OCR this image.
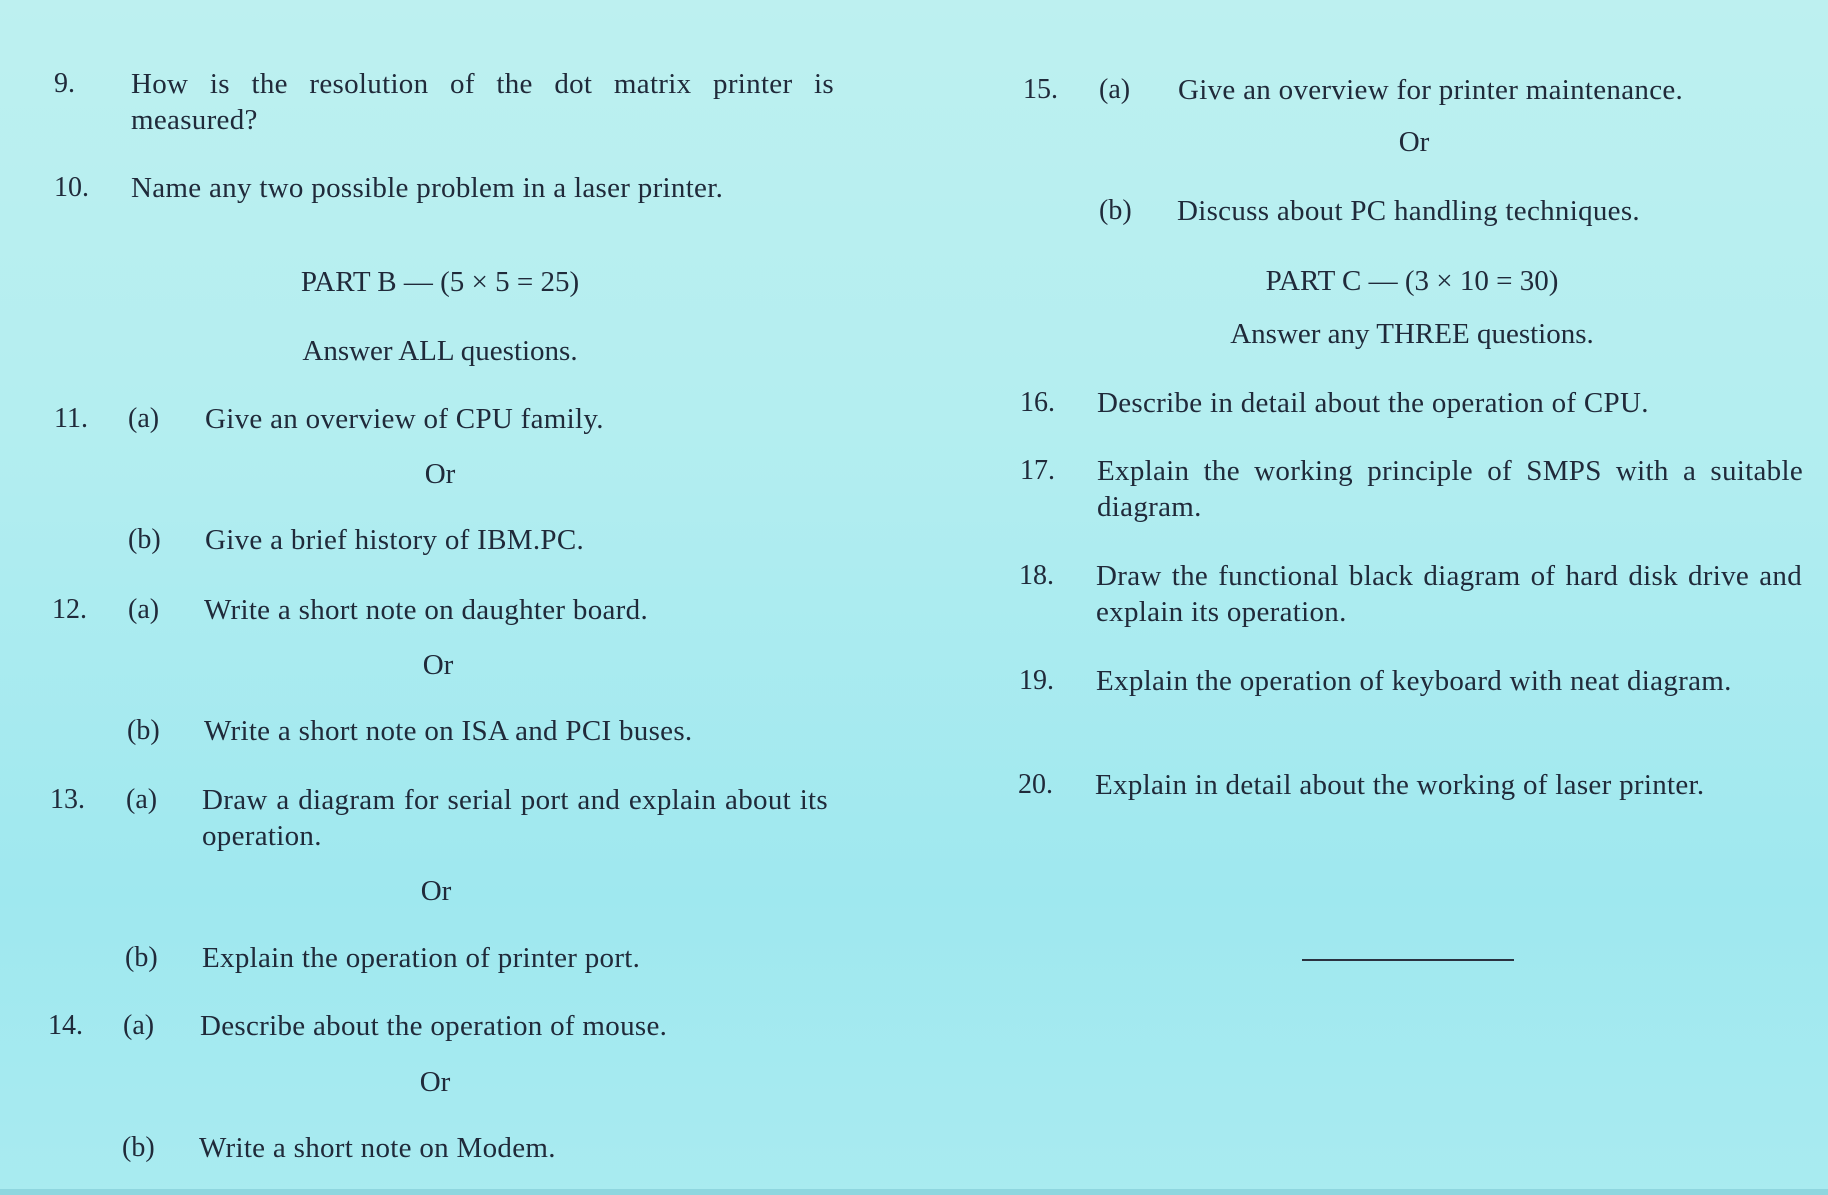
9. How is the resolution of the dot matrix printer is measured?
10. Name any two possible problem in a laser printer.
PART B — (5 × 5 = 25)
Answer ALL questions.
11. (a) Give an overview of CPU family.
Or
(b) Give a brief history of IBM.PC.
12. (a) Write a short note on daughter board.
Or
(b) Write a short note on ISA and PCI buses.
13. (a) Draw a diagram for serial port and explain about its operation.
Or
(b) Explain the operation of printer port.
14. (a) Describe about the operation of mouse.
Or
(b) Write a short note on Modem.
15. (a) Give an overview for printer maintenance.
Or
(b) Discuss about PC handling techniques.
PART C — (3 × 10 = 30)
Answer any THREE questions.
16. Describe in detail about the operation of CPU.
17. Explain the working principle of SMPS with a suitable diagram.
18. Draw the functional black diagram of hard disk drive and explain its operation.
19. Explain the operation of keyboard with neat diagram.
20. Explain in detail about the working of laser printer.
